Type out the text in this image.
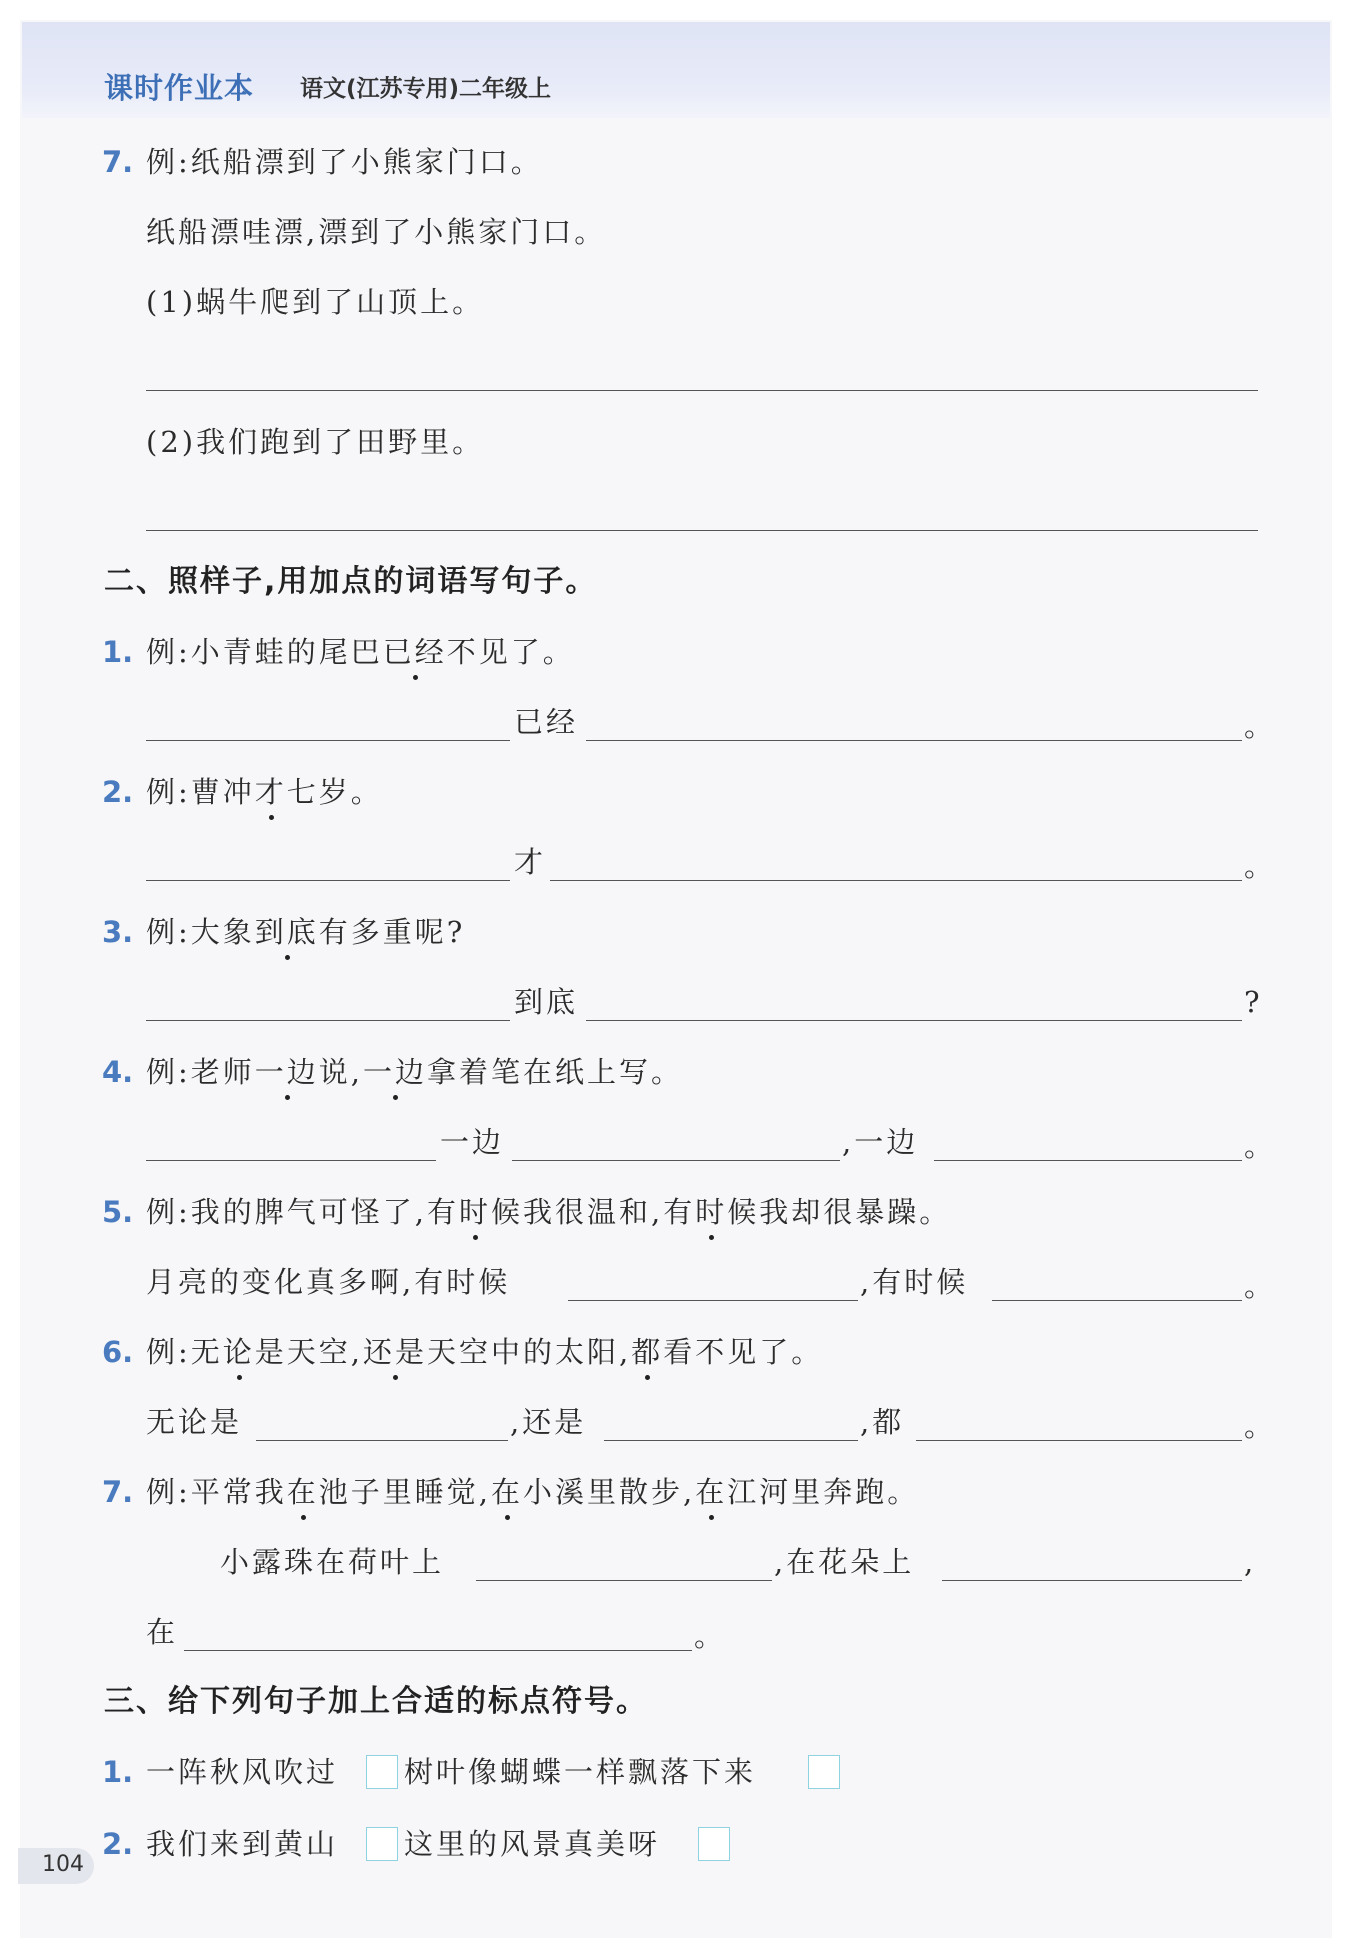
课时作业本 语文(江苏专用)二年级上
7. 例:纸船漂到了小熊家门口。
纸船漂哇漂,漂到了小熊家门口。
(1)蜗牛爬到了山顶上。
(2)我们跑到了田野里。
二、照样子,用加点的词语写句子。
1. 例:小青蛙的尾巴已经不见了。
已经	。
2. 例:曹冲才七岁。
才	。
3. 例:大象到底有多重呢?
到底	?
4. 例:老师一边说,一边拿着笔在纸上写。
一边	,一边	。
5. 例:我的脾气可怪了,有时候我很温和,有时候我却很暴躁。
月亮的变化真多啊,有时候	,有时候	。
6. 例:无论是天空,还是天空中的太阳,都看不见了。
无论是	,还是	,都	。
7. 例:平常我在池子里睡觉,在小溪里散步,在江河里奔跑。
小露珠在荷叶上	,在花朵上	,
在	。
三、给下列句子加上合适的标点符号。
1. 一阵秋风吹过 树叶像蝴蝶一样飘落下来
2. 我们来到黄山 这里的风景真美呀
104
